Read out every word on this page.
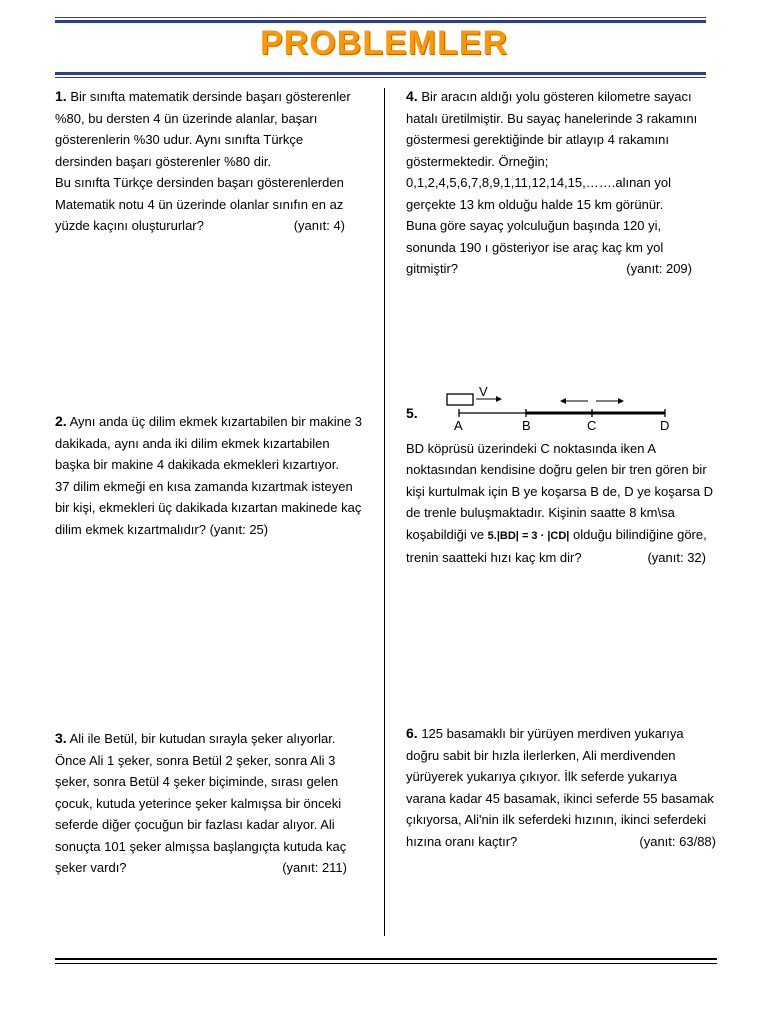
PROBLEMLER
1. Bir sınıfta matematik dersinde başarı gösterenler
%80, bu dersten 4 ün üzerinde alanlar, başarı
gösterenlerin %30 udur. Aynı sınıfta Türkçe
dersinden başarı gösterenler %80 dir.
Bu sınıfta Türkçe dersinden başarı gösterenlerden
Matematik notu 4 ün üzerinde olanlar sınıfın en az
yüzde kaçını oluştururlar?	(yanıt: 4)
2. Aynı anda üç dilim ekmek kızartabilen bir makine 3
dakikada, aynı anda iki dilim ekmek kızartabilen
başka bir makine 4 dakikada ekmekleri kızartıyor.
37 dilim ekmeği en kısa zamanda kızartmak isteyen
bir kişi, ekmekleri üç dakikada kızartan makinede kaç
dilim ekmek kızartmalıdır? (yanıt: 25)
3. Ali ile Betül, bir kutudan sırayla şeker alıyorlar.
Önce Ali 1 şeker, sonra Betül 2 şeker, sonra Ali 3
şeker, sonra Betül 4 şeker biçiminde, sırası gelen
çocuk, kutuda yeterince şeker kalmışsa bir önceki
seferde diğer çocuğun bir fazlası kadar alıyor. Ali
sonuçta 101 şeker almışsa başlangıçta kutuda kaç
şeker vardı?	(yanıt: 211)
4. Bir aracın aldığı yolu gösteren kilometre sayacı
hatalı üretilmiştir. Bu sayaç hanelerinde 3 rakamını
göstermesi gerektiğinde bir atlayıp 4 rakamını
göstermektedir. Örneğin;
0,1,2,4,5,6,7,8,9,1,11,12,14,15,…….alınan yol
gerçekte 13 km olduğu halde 15 km görünür.
Buna göre sayaç yolculuğun başında 120 yi,
sonunda 190 ı gösteriyor ise araç kaç km yol
gitmiştir?	(yanıt: 209)
V
A	B	C	D
5.
BD köprüsü üzerindeki C noktasında iken A
noktasından kendisine doğru gelen bir tren gören bir
kişi kurtulmak için B ye koşarsa B de, D ye koşarsa D
de trenle buluşmaktadır. Kişinin saatte 8 km\sa
koşabildiği ve 5.|BD| = 3 · |CD| olduğu bilindiğine göre,
trenin saatteki hızı kaç km dir?	(yanıt: 32)
6. 125 basamaklı bir yürüyen merdiven yukarıya
doğru sabit bir hızla ilerlerken, Ali merdivenden
yürüyerek yukarıya çıkıyor. İlk seferde yukarıya
varana kadar 45 basamak, ikinci seferde 55 basamak
çıkıyorsa, Ali'nin ilk seferdeki hızının, ikinci seferdeki
hızına oranı kaçtır?	(yanıt: 63/88)
